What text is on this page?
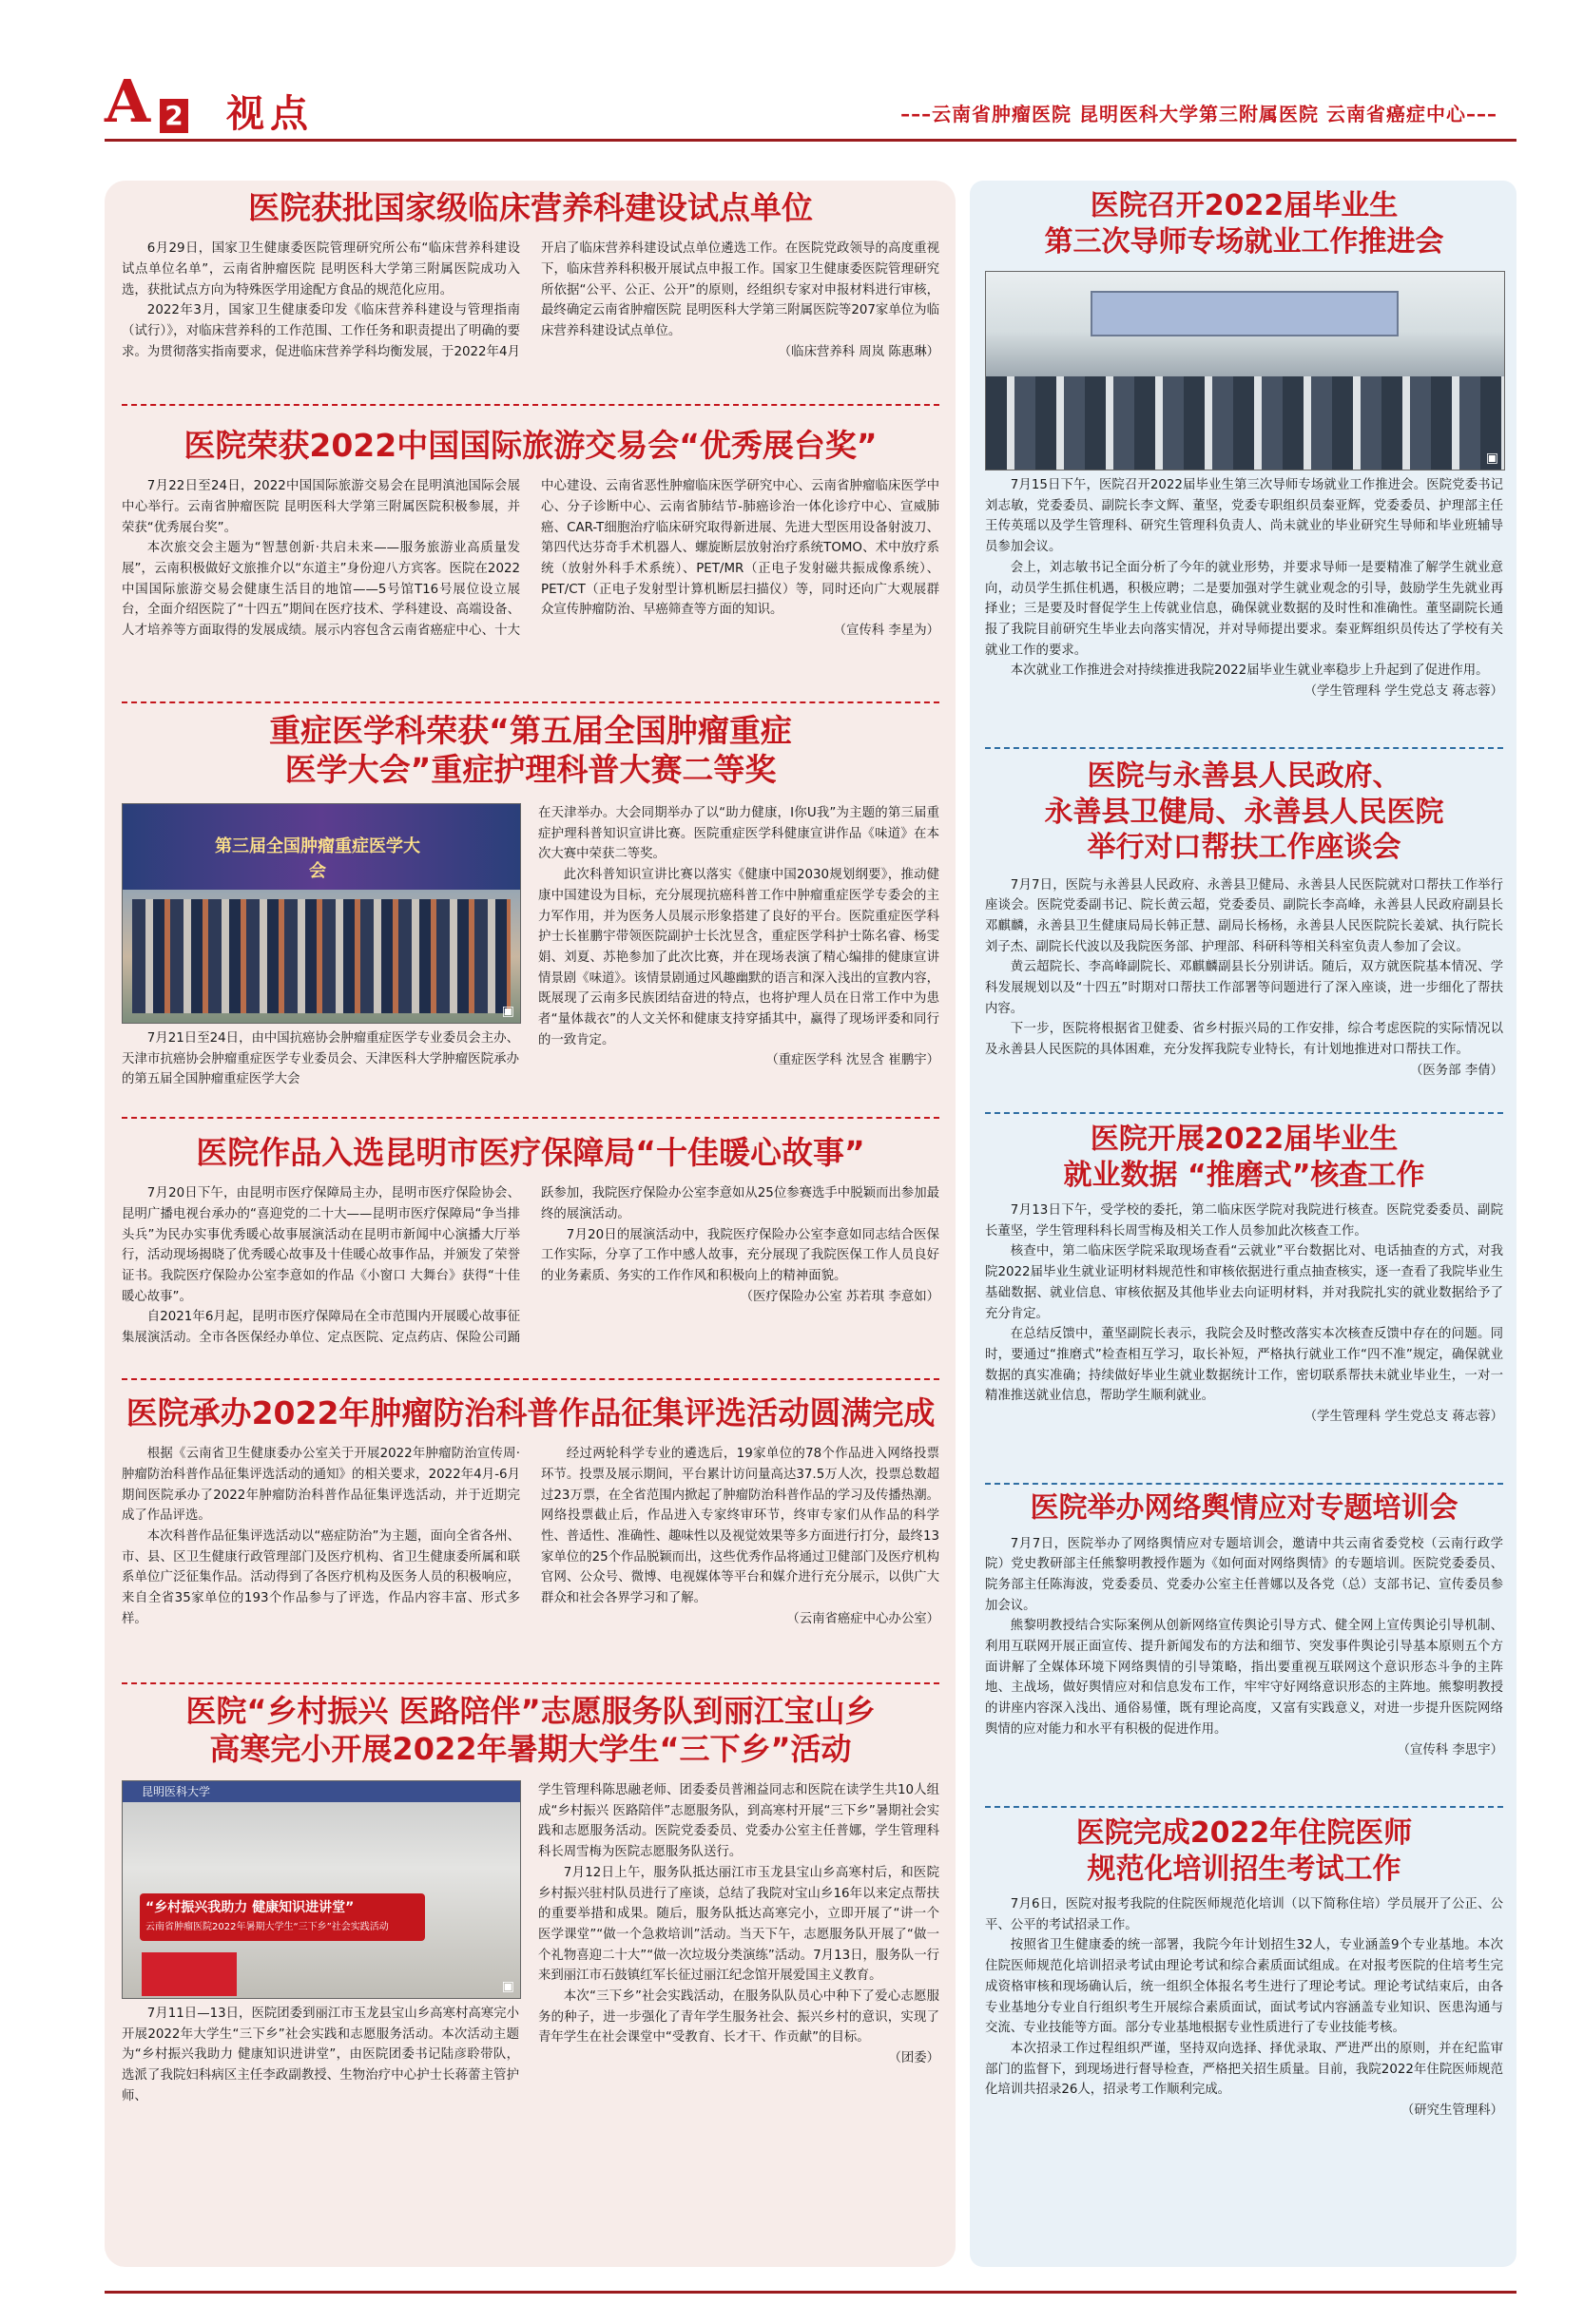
A 2 视点	–––云南省肿瘤医院 昆明医科大学第三附属医院 云南省癌症中心–––
医院获批国家级临床营养科建设试点单位

6月29日，国家卫生健康委医院管理研究所公布“临床营养科建设试点单位名单”，云南省肿瘤医院 昆明医科大学第三附属医院成功入选，获批试点方向为特殊医学用途配方食品的规范化应用。

2022年3月，国家卫生健康委印发《临床营养科建设与管理指南（试行）》，对临床营养科的工作范围、工作任务和职责提出了明确的要求。为贯彻落实指南要求，促进临床营养学科均衡发展，于2022年4月开启了临床营养科建设试点单位遴选工作。在医院党政领导的高度重视下，临床营养科积极开展试点申报工作。国家卫生健康委医院管理研究所依据“公平、公正、公开”的原则，经组织专家对申报材料进行审核，最终确定云南省肿瘤医院 昆明医科大学第三附属医院等207家单位为临床营养科建设试点单位。

（临床营养科 周岚 陈惠琳）
医院荣获2022中国国际旅游交易会“优秀展台奖”

7月22日至24日，2022中国国际旅游交易会在昆明滇池国际会展中心举行。云南省肿瘤医院 昆明医科大学第三附属医院积极参展，并荣获“优秀展台奖”。

本次旅交会主题为“智慧创新·共启未来——服务旅游业高质量发展”，云南积极做好文旅推介以“东道主”身份迎八方宾客。医院在2022中国国际旅游交易会健康生活目的地馆——5号馆T16号展位设立展台，全面介绍医院了“十四五”期间在医疗技术、学科建设、高端设备、人才培养等方面取得的发展成绩。展示内容包含云南省癌症中心、十大中心建设、云南省恶性肿瘤临床医学研究中心、云南省肿瘤临床医学中心、分子诊断中心、云南省肺结节-肺癌诊治一体化诊疗中心、宣威肺癌、CAR-T细胞治疗临床研究取得新进展、先进大型医用设备射波刀、第四代达芬奇手术机器人、螺旋断层放射治疗系统TOMO、术中放疗系统（放射外科手术系统）、PET/MR（正电子发射磁共振成像系统）、PET/CT（正电子发射型计算机断层扫描仪）等，同时还向广大观展群众宣传肿瘤防治、早癌筛查等方面的知识。

（宣传科 李星为）
重症医学科荣获“第五届全国肿瘤重症
医学大会”重症护理科普大赛二等奖
第三届全国肿瘤重症医学大会
▣

7月21日至24日，由中国抗癌协会肿瘤重症医学专业委员会主办、天津市抗癌协会肿瘤重症医学专业委员会、天津医科大学肿瘤医院承办的第五届全国肿瘤重症医学大会

在天津举办。大会同期举办了以“助力健康，I你U我”为主题的第三届重症护理科普知识宣讲比赛。医院重症医学科健康宣讲作品《味道》在本次大赛中荣获二等奖。

此次科普知识宣讲比赛以落实《健康中国2030规划纲要》，推动健康中国建设为目标，充分展现抗癌科普工作中肿瘤重症医学专委会的主力军作用，并为医务人员展示形象搭建了良好的平台。医院重症医学科护士长崔鹏宇带领医院副护士长沈昱含，重症医学科护士陈名睿、杨雯娟、刘夏、苏艳参加了此次比赛，并在现场表演了精心编排的健康宣讲情景剧《味道》。该情景剧通过风趣幽默的语言和深入浅出的宣教内容，既展现了云南多民族团结奋进的特点，也将护理人员在日常工作中为患者“量体裁衣”的人文关怀和健康支持穿插其中，赢得了现场评委和同行的一致肯定。

（重症医学科 沈昱含 崔鹏宇）
医院作品入选昆明市医疗保障局“十佳暖心故事”

7月20日下午，由昆明市医疗保障局主办，昆明市医疗保险协会、昆明广播电视台承办的“喜迎党的二十大——昆明市医疗保障局“争当排头兵”为民办实事优秀暖心故事展演活动在昆明市新闻中心演播大厅举行，活动现场揭晓了优秀暖心故事及十佳暖心故事作品，并颁发了荣誉证书。我院医疗保险办公室李意如的作品《小窗口 大舞台》获得“十佳暖心故事”。

自2021年6月起，昆明市医疗保障局在全市范围内开展暖心故事征集展演活动。全市各医保经办单位、定点医院、定点药店、保险公司踊跃参加，我院医疗保险办公室李意如从25位参赛选手中脱颖而出参加最终的展演活动。

7月20日的展演活动中，我院医疗保险办公室李意如同志结合医保工作实际，分享了工作中感人故事，充分展现了我院医保工作人员良好的业务素质、务实的工作作风和积极向上的精神面貌。

（医疗保险办公室 苏若琪 李意如）
医院承办2022年肿瘤防治科普作品征集评选活动圆满完成

根据《云南省卫生健康委办公室关于开展2022年肿瘤防治宣传周·肿瘤防治科普作品征集评选活动的通知》的相关要求，2022年4月-6月期间医院承办了2022年肿瘤防治科普作品征集评选活动，并于近期完成了作品评选。

本次科普作品征集评选活动以“癌症防治”为主题，面向全省各州、市、县、区卫生健康行政管理部门及医疗机构、省卫生健康委所属和联系单位广泛征集作品。活动得到了各医疗机构及医务人员的积极响应，来自全省35家单位的193个作品参与了评选，作品内容丰富、形式多样。

经过两轮科学专业的遴选后，19家单位的78个作品进入网络投票环节。投票及展示期间，平台累计访问量高达37.5万人次，投票总数超过23万票，在全省范围内掀起了肿瘤防治科普作品的学习及传播热潮。网络投票截止后，作品进入专家终审环节，终审专家们从作品的科学性、普适性、准确性、趣味性以及视觉效果等多方面进行打分，最终13家单位的25个作品脱颖而出，这些优秀作品将通过卫健部门及医疗机构官网、公众号、微博、电视媒体等平台和媒介进行充分展示，以供广大群众和社会各界学习和了解。

（云南省癌症中心办公室）
医院“乡村振兴 医路陪伴”志愿服务队到丽江宝山乡
高寒完小开展2022年暑期大学生“三下乡”活动
昆明医科大学
“乡村振兴我助力 健康知识进讲堂”
云南省肿瘤医院2022年暑期大学生“三下乡”社会实践活动
▣

7月11日—13日，医院团委到丽江市玉龙县宝山乡高寒村高寒完小开展2022年大学生“三下乡”社会实践和志愿服务活动。本次活动主题为“乡村振兴我助力 健康知识进讲堂”，由医院团委书记陆彦聆带队，选派了我院妇科病区主任李政副教授、生物治疗中心护士长蒋蕾主管护师、

学生管理科陈思融老师、团委委员普湘益同志和医院在读学生共10人组成“乡村振兴 医路陪伴”志愿服务队，到高寒村开展“三下乡”暑期社会实践和志愿服务活动。医院党委委员、党委办公室主任普娜，学生管理科科长周雪梅为医院志愿服务队送行。

7月12日上午，服务队抵达丽江市玉龙县宝山乡高寒村后，和医院乡村振兴驻村队员进行了座谈，总结了我院对宝山乡16年以来定点帮扶的重要举措和成果。随后，服务队抵达高寒完小，立即开展了“讲一个医学课堂”“做一个急救培训”活动。当天下午，志愿服务队开展了“做一个礼物喜迎二十大”“做一次垃圾分类演练”活动。7月13日，服务队一行来到丽江市石鼓镇红军长征过丽江纪念馆开展爱国主义教育。

本次“三下乡”社会实践活动，在服务队队员心中种下了爱心志愿服务的种子，进一步强化了青年学生服务社会、振兴乡村的意识，实现了青年学生在社会课堂中“受教育、长才干、作贡献”的目标。

（团委）
医院召开2022届毕业生
第三次导师专场就业工作推进会
▣

7月15日下午，医院召开2022届毕业生第三次导师专场就业工作推进会。医院党委书记刘志敏，党委委员、副院长李文辉、董坚，党委专职组织员秦亚辉，党委委员、护理部主任王传英瑶以及学生管理科、研究生管理科负责人、尚未就业的毕业研究生导师和毕业班辅导员参加会议。

会上，刘志敏书记全面分析了今年的就业形势，并要求导师一是要精准了解学生就业意向，动员学生抓住机遇，积极应聘；二是要加强对学生就业观念的引导，鼓励学生先就业再择业；三是要及时督促学生上传就业信息，确保就业数据的及时性和准确性。董坚副院长通报了我院目前研究生毕业去向落实情况，并对导师提出要求。秦亚辉组织员传达了学校有关就业工作的要求。

本次就业工作推进会对持续推进我院2022届毕业生就业率稳步上升起到了促进作用。

（学生管理科 学生党总支 蒋志蓉）
医院与永善县人民政府、
永善县卫健局、永善县人民医院
举行对口帮扶工作座谈会

7月7日，医院与永善县人民政府、永善县卫健局、永善县人民医院就对口帮扶工作举行座谈会。医院党委副书记、院长黄云超，党委委员、副院长李高峰，永善县人民政府副县长邓麒麟，永善县卫生健康局局长韩正慧、副局长杨杨，永善县人民医院院长姜斌、执行院长刘子杰、副院长代波以及我院医务部、护理部、科研科等相关科室负责人参加了会议。

黄云超院长、李高峰副院长、邓麒麟副县长分别讲话。随后，双方就医院基本情况、学科发展规划以及“十四五”时期对口帮扶工作部署等问题进行了深入座谈，进一步细化了帮扶内容。

下一步，医院将根据省卫健委、省乡村振兴局的工作安排，综合考虑医院的实际情况以及永善县人民医院的具体困难，充分发挥我院专业特长，有计划地推进对口帮扶工作。

（医务部 李倩）
医院开展2022届毕业生
就业数据 “推磨式”核查工作

7月13日下午，受学校的委托，第二临床医学院对我院进行核查。医院党委委员、副院长董坚，学生管理科科长周雪梅及相关工作人员参加此次核查工作。

核查中，第二临床医学院采取现场查看“云就业”平台数据比对、电话抽查的方式，对我院2022届毕业生就业证明材料规范性和审核依据进行重点抽查核实，逐一查看了我院毕业生基础数据、就业信息、审核依据及其他毕业去向证明材料，并对我院扎实的就业数据给予了充分肯定。

在总结反馈中，董坚副院长表示，我院会及时整改落实本次核查反馈中存在的问题。同时，要通过“推磨式”检查相互学习，取长补短，严格执行就业工作“四不准”规定，确保就业数据的真实准确；持续做好毕业生就业数据统计工作，密切联系帮扶未就业毕业生，一对一精准推送就业信息，帮助学生顺利就业。

（学生管理科 学生党总支 蒋志蓉）
医院举办网络舆情应对专题培训会

7月7日，医院举办了网络舆情应对专题培训会，邀请中共云南省委党校（云南行政学院）党史教研部主任熊黎明教授作题为《如何面对网络舆情》的专题培训。医院党委委员、院务部主任陈海波，党委委员、党委办公室主任普娜以及各党（总）支部书记、宣传委员参加会议。

熊黎明教授结合实际案例从创新网络宣传舆论引导方式、健全网上宣传舆论引导机制、利用互联网开展正面宣传、提升新闻发布的方法和细节、突发事件舆论引导基本原则五个方面讲解了全媒体环境下网络舆情的引导策略，指出要重视互联网这个意识形态斗争的主阵地、主战场，做好舆情应对和信息发布工作，牢牢守好网络意识形态的主阵地。熊黎明教授的讲座内容深入浅出、通俗易懂，既有理论高度，又富有实践意义，对进一步提升医院网络舆情的应对能力和水平有积极的促进作用。

（宣传科 李思宇）
医院完成2022年住院医师
规范化培训招生考试工作

7月6日，医院对报考我院的住院医师规范化培训（以下简称住培）学员展开了公正、公平、公平的考试招录工作。

按照省卫生健康委的统一部署，我院今年计划招生32人，专业涵盖9个专业基地。本次住院医师规范化培训招录考试由理论考试和综合素质面试组成。在对报考医院的住培考生完成资格审核和现场确认后，统一组织全体报名考生进行了理论考试。理论考试结束后，由各专业基地分专业自行组织考生开展综合素质面试，面试考试内容涵盖专业知识、医患沟通与交流、专业技能等方面。部分专业基地根据专业性质进行了专业技能考核。

本次招录工作过程组织严谨，坚持双向选择、择优录取、严进严出的原则，并在纪监审部门的监督下，到现场进行督导检查，严格把关招生质量。目前，我院2022年住院医师规范化培训共招录26人，招录考工作顺利完成。

（研究生管理科）
